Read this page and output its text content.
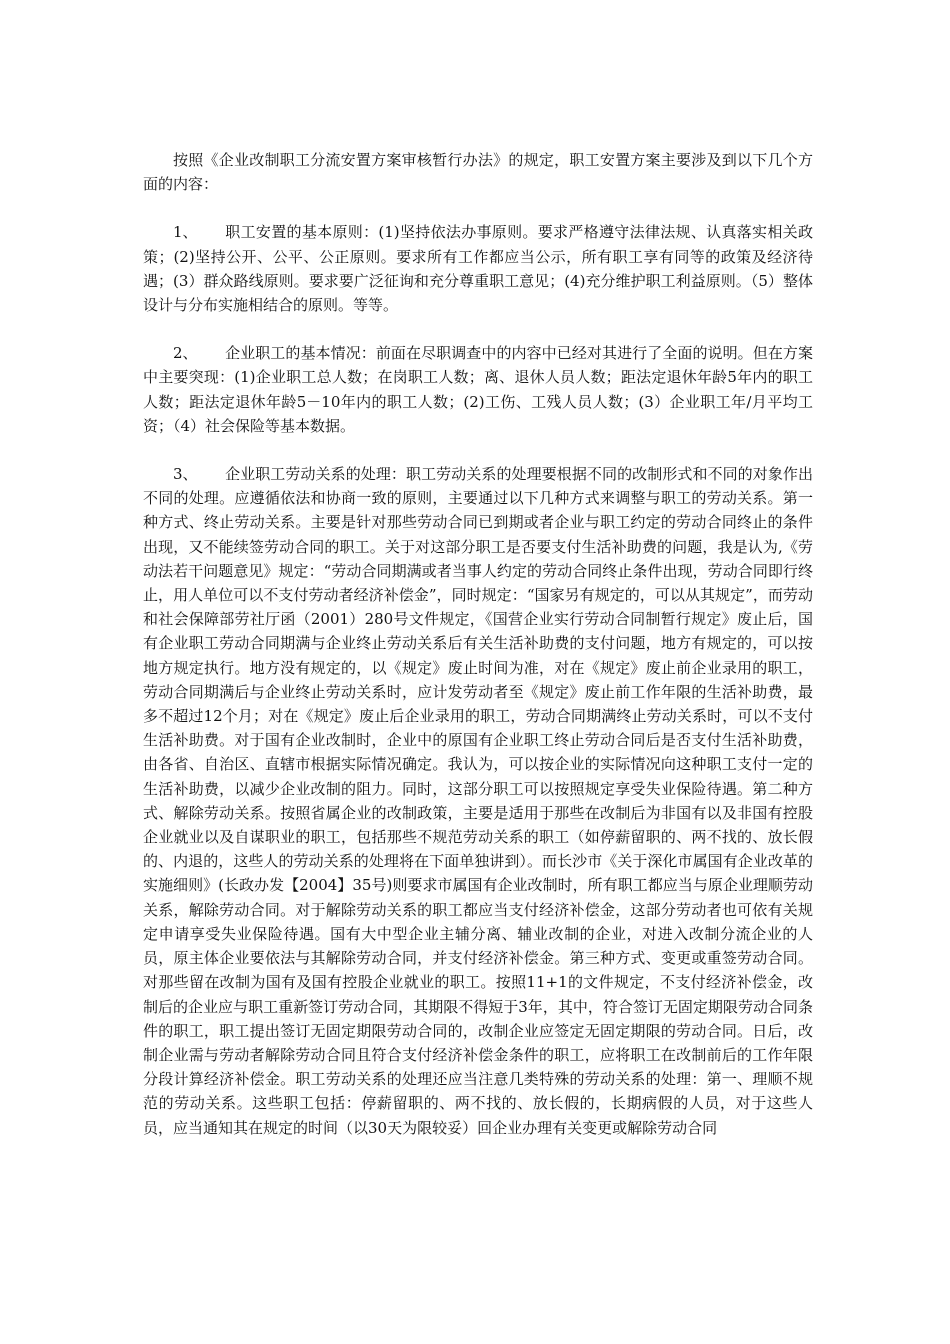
按照《企业改制职工分流安置方案审核暂行办法》的规定，职工安置方案主要涉及到以下几个方面的内容：

1、 职工安置的基本原则：(1)坚持依法办事原则。要求严格遵守法律法规、认真落实相关政策；(2)坚持公开、公平、公正原则。要求所有工作都应当公示，所有职工享有同等的政策及经济待遇；(3）群众路线原则。要求要广泛征询和充分尊重职工意见；(4)充分维护职工利益原则。（5）整体设计与分布实施相结合的原则。等等。

2、 企业职工的基本情况：前面在尽职调查中的内容中已经对其进行了全面的说明。但在方案中主要突现：(1)企业职工总人数；在岗职工人数；离、退休人员人数；距法定退休年龄5年内的职工人数；距法定退休年龄5－10年内的职工人数；(2)工伤、工残人员人数；(3）企业职工年/月平均工资；（4）社会保险等基本数据。

3、 企业职工劳动关系的处理：职工劳动关系的处理要根据不同的改制形式和不同的对象作出不同的处理。应遵循依法和协商一致的原则，主要通过以下几种方式来调整与职工的劳动关系。第一种方式、终止劳动关系。主要是针对那些劳动合同已到期或者企业与职工约定的劳动合同终止的条件出现，又不能续签劳动合同的职工。关于对这部分职工是否要支付生活补助费的问题，我是认为,《劳动法若干问题意见》规定：“劳动合同期满或者当事人约定的劳动合同终止条件出现，劳动合同即行终止，用人单位可以不支付劳动者经济补偿金”，同时规定：“国家另有规定的，可以从其规定”，而劳动和社会保障部劳社厅函（2001）280号文件规定，《国营企业实行劳动合同制暂行规定》废止后，国有企业职工劳动合同期满与企业终止劳动关系后有关生活补助费的支付问题，地方有规定的，可以按地方规定执行。地方没有规定的，以《规定》废止时间为准，对在《规定》废止前企业录用的职工，劳动合同期满后与企业终止劳动关系时，应计发劳动者至《规定》废止前工作年限的生活补助费，最多不超过12个月；对在《规定》废止后企业录用的职工，劳动合同期满终止劳动关系时，可以不支付生活补助费。对于国有企业改制时，企业中的原国有企业职工终止劳动合同后是否支付生活补助费，由各省、自治区、直辖市根据实际情况确定。我认为，可以按企业的实际情况向这种职工支付一定的生活补助费，以减少企业改制的阻力。同时，这部分职工可以按照规定享受失业保险待遇。第二种方式、解除劳动关系。按照省属企业的改制政策，主要是适用于那些在改制后为非国有以及非国有控股企业就业以及自谋职业的职工，包括那些不规范劳动关系的职工（如停薪留职的、两不找的、放长假的、内退的，这些人的劳动关系的处理将在下面单独讲到）。而长沙市《关于深化市属国有企业改革的实施细则》(长政办发【2004】35号)则要求市属国有企业改制时，所有职工都应当与原企业理顺劳动关系，解除劳动合同。对于解除劳动关系的职工都应当支付经济补偿金，这部分劳动者也可依有关规定申请享受失业保险待遇。国有大中型企业主辅分离、辅业改制的企业，对进入改制分流企业的人员，原主体企业要依法与其解除劳动合同，并支付经济补偿金。第三种方式、变更或重签劳动合同。对那些留在改制为国有及国有控股企业就业的职工。按照11+1的文件规定，不支付经济补偿金，改制后的企业应与职工重新签订劳动合同，其期限不得短于3年，其中，符合签订无固定期限劳动合同条件的职工，职工提出签订无固定期限劳动合同的，改制企业应签定无固定期限的劳动合同。日后，改制企业需与劳动者解除劳动合同且符合支付经济补偿金条件的职工，应将职工在改制前后的工作年限分段计算经济补偿金。职工劳动关系的处理还应当注意几类特殊的劳动关系的处理：第一、理顺不规范的劳动关系。这些职工包括：停薪留职的、两不找的、放长假的，长期病假的人员，对于这些人员，应当通知其在规定的时间（以30天为限较妥）回企业办理有关变更或解除劳动合同
